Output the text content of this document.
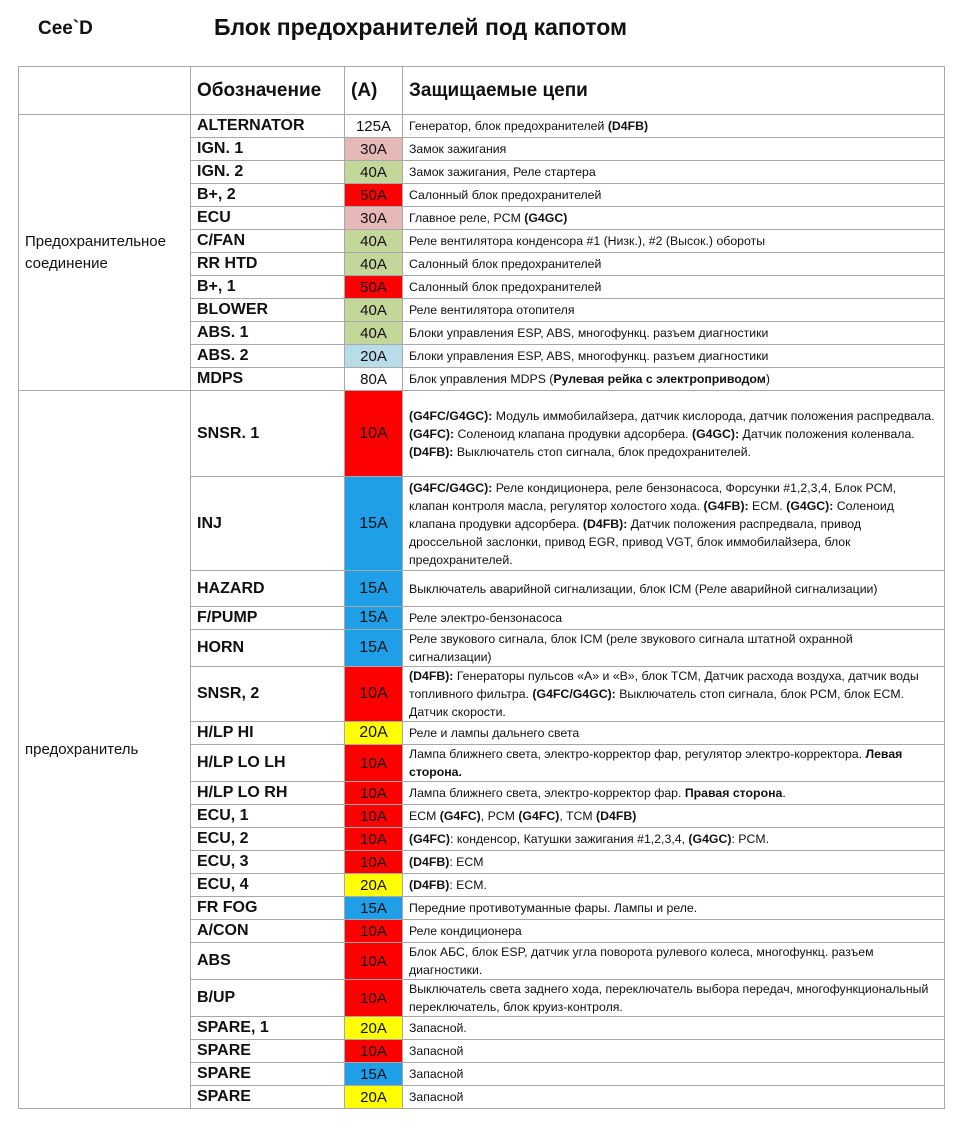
Cee`D	Блок предохранителей под капотом
	Обозначение	(A)	Защищаемые цепи
Предохранительное соединение	ALTERNATOR	125A	Генератор, блок предохранителей (D4FB)
	IGN. 1	30A	Замок зажигания
	IGN. 2	40A	Замок зажигания, Реле стартера
	B+, 2	50A	Салонный блок предохранителей
	ECU	30A	Главное реле, PCM (G4GC)
	C/FAN	40A	Реле вентилятора конденсора #1 (Низк.), #2 (Высок.) обороты
	RR HTD	40A	Салонный блок предохранителей
	B+, 1	50A	Салонный блок предохранителей
	BLOWER	40A	Реле вентилятора отопителя
	ABS. 1	40A	Блоки управления ESP, ABS, многофункц. разъем диагностики
	ABS. 2	20A	Блоки управления ESP, ABS, многофункц. разъем диагностики
	MDPS	80A	Блок управления MDPS (Рулевая рейка с электроприводом)
предохранитель	SNSR. 1	10A	(G4FC/G4GC): Модуль иммобилайзера, датчик кислорода, датчик положения распредвала. (G4FC): Соленоид клапана продувки адсорбера. (G4GC): Датчик положения коленвала. (D4FB): Выключатель стоп сигнала, блок предохранителей.
	INJ	15A	(G4FC/G4GC): Реле кондиционера, реле бензонасоса, Форсунки #1,2,3,4, Блок PCM, клапан контроля масла, регулятор холостого хода. (G4FB): ECM. (G4GC): Соленоид клапана продувки адсорбера. (D4FB): Датчик положения распредвала, привод дроссельной заслонки, привод EGR, привод VGT, блок иммобилайзера, блок предохранителей.
	HAZARD	15A	Выключатель аварийной сигнализации, блок ICM (Реле аварийной сигнализации)
	F/PUMP	15A	Реле электро-бензонасоса
	HORN	15A	Реле звукового сигнала, блок ICM (реле звукового сигнала штатной охранной сигнализации)
	SNSR, 2	10A	(D4FB): Генераторы пульсов «А» и «В», блок TCM, Датчик расхода воздуха, датчик воды топливного фильтра. (G4FC/G4GC): Выключатель стоп сигнала, блок PCM, блок ECM. Датчик скорости.
	H/LP HI	20A	Реле и лампы дальнего света
	H/LP LO LH	10A	Лампа ближнего света, электро-корректор фар, регулятор электро-корректора. Левая сторона.
	H/LP LO RH	10A	Лампа ближнего света, электро-корректор фар. Правая сторона.
	ECU, 1	10A	ECM (G4FC), PCM (G4FC), TCM (D4FB)
	ECU, 2	10A	(G4FC): конденсор, Катушки зажигания #1,2,3,4, (G4GC): PCM.
	ECU, 3	10A	(D4FB): ECM
	ECU, 4	20A	(D4FB): ECM.
	FR FOG	15A	Передние противотуманные фары. Лампы и реле.
	A/CON	10A	Реле кондиционера
	ABS	10A	Блок АБС, блок ESP, датчик угла поворота рулевого колеса, многофункц. разъем диагностики.
	B/UP	10A	Выключатель света заднего хода, переключатель выбора передач, многофункциональный переключатель, блок круиз-контроля.
	SPARE, 1	20A	Запасной.
	SPARE	10A	Запасной
	SPARE	15A	Запасной
	SPARE	20A	Запасной
